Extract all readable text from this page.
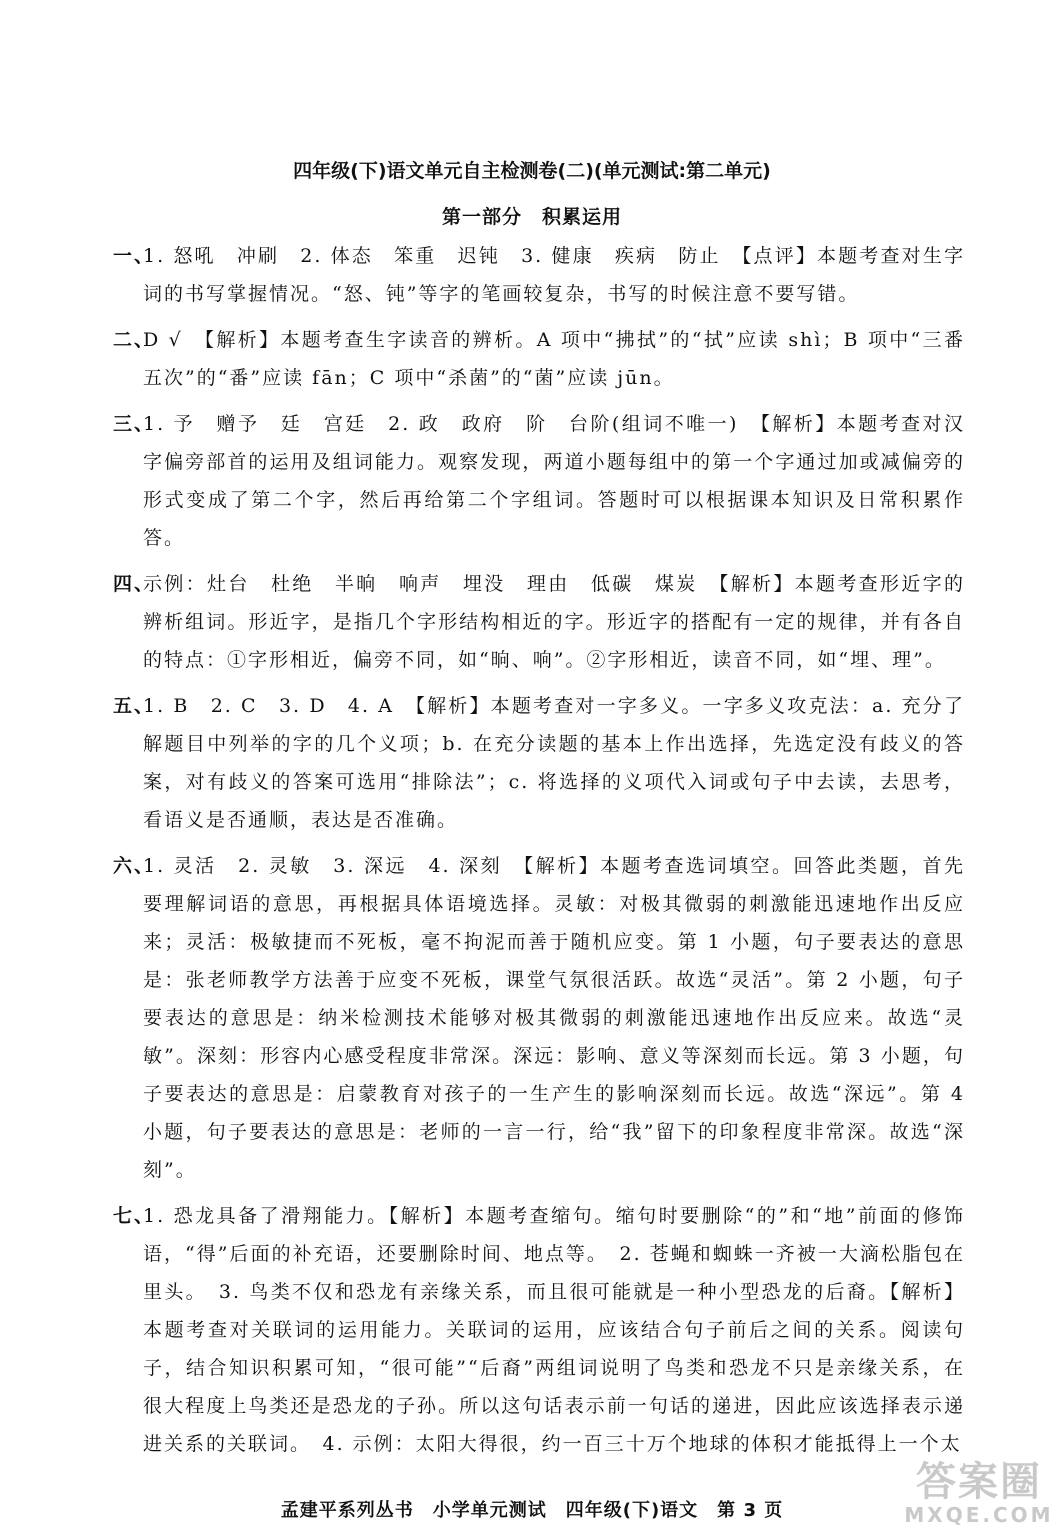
四年级(下)语文单元自主检测卷(二)(单元测试:第二单元)
第一部分　积累运用
一、
1. 怒吼　冲刷　2. 体态　笨重　迟钝　3. 健康　疾病　防止　【点评】本题考查对生字词的书写掌握情况。“怒、钝”等字的笔画较复杂，书写的时候注意不要写错。
二、
D √　【解析】本题考查生字读音的辨析。A 项中“拂拭”的“拭”应读 shì；B 项中“三番五次”的“番”应读 fān；C 项中“杀菌”的“菌”应读 jūn。
三、
1. 予　赠予　廷　宫廷　2. 政　政府　阶　台阶(组词不唯一)　【解析】本题考查对汉字偏旁部首的运用及组词能力。观察发现，两道小题每组中的第一个字通过加或减偏旁的形式变成了第二个字，然后再给第二个字组词。答题时可以根据课本知识及日常积累作答。
四、
示例：灶台　杜绝　半晌　响声　埋没　理由　低碳　煤炭　【解析】本题考查形近字的辨析组词。形近字，是指几个字形结构相近的字。形近字的搭配有一定的规律，并有各自的特点：①字形相近，偏旁不同，如“晌、响”。②字形相近，读音不同，如“埋、理”。
五、
1. B　2. C　3. D　4. A　【解析】本题考查对一字多义。一字多义攻克法：a. 充分了解题目中列举的字的几个义项；b. 在充分读题的基本上作出选择，先选定没有歧义的答案，对有歧义的答案可选用“排除法”；c. 将选择的义项代入词或句子中去读，去思考，看语义是否通顺，表达是否准确。
六、
1. 灵活　2. 灵敏　3. 深远　4. 深刻　【解析】本题考查选词填空。回答此类题，首先要理解词语的意思，再根据具体语境选择。灵敏：对极其微弱的刺激能迅速地作出反应来；灵活：极敏捷而不死板，毫不拘泥而善于随机应变。第 1 小题，句子要表达的意思是：张老师教学方法善于应变不死板，课堂气氛很活跃。故选“灵活”。第 2 小题，句子要表达的意思是：纳米检测技术能够对极其微弱的刺激能迅速地作出反应来。故选“灵敏”。深刻：形容内心感受程度非常深。深远：影响、意义等深刻而长远。第 3 小题，句子要表达的意思是：启蒙教育对孩子的一生产生的影响深刻而长远。故选“深远”。第 4 小题，句子要表达的意思是：老师的一言一行，给“我”留下的印象程度非常深。故选“深刻”。
七、
1. 恐龙具备了滑翔能力。【解析】本题考查缩句。缩句时要删除“的”和“地”前面的修饰语，“得”后面的补充语，还要删除时间、地点等。　2. 苍蝇和蜘蛛一齐被一大滴松脂包在里头。　3. 鸟类不仅和恐龙有亲缘关系，而且很可能就是一种小型恐龙的后裔。【解析】本题考查对关联词的运用能力。关联词的运用，应该结合句子前后之间的关系。阅读句子，结合知识积累可知，“很可能”“后裔”两组词说明了鸟类和恐龙不只是亲缘关系，在很大程度上鸟类还是恐龙的子孙。所以这句话表示前一句话的递进，因此应该选择表示递进关系的关联词。　4. 示例：太阳大得很，约一百三十万个地球的体积才能抵得上一个太
孟建平系列丛书　小学单元测试　四年级(下)语文　第 3 页
答案圈
MXQE.COM
